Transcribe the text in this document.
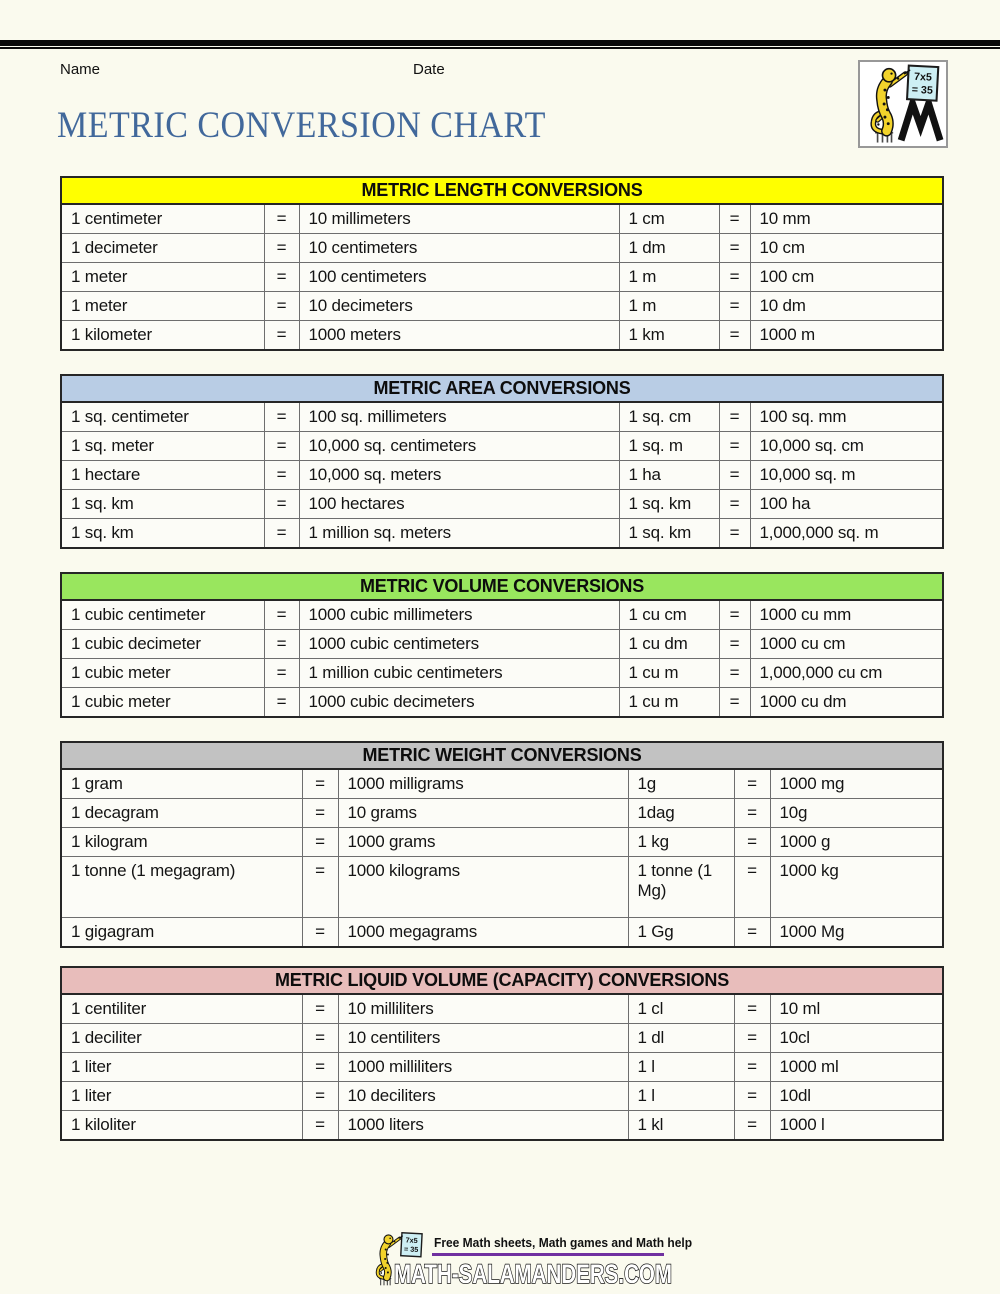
Name	Date
METRIC CONVERSION CHART
METRIC LENGTH CONVERSIONS
1 centimeter	=	10 millimeters	1 cm	=	10 mm
1 decimeter	=	10 centimeters	1 dm	=	10 cm
1 meter	=	100 centimeters	1 m	=	100 cm
1 meter	=	10 decimeters	1 m	=	10 dm
1 kilometer	=	1000 meters	1 km	=	1000 m
METRIC AREA CONVERSIONS
1 sq. centimeter	=	100 sq. millimeters	1 sq. cm	=	100 sq. mm
1 sq. meter	=	10,000 sq. centimeters	1 sq. m	=	10,000 sq. cm
1 hectare	=	10,000 sq. meters	1 ha	=	10,000 sq. m
1 sq. km	=	100 hectares	1 sq. km	=	100 ha
1 sq. km	=	1 million sq. meters	1 sq. km	=	1,000,000 sq. m
METRIC VOLUME CONVERSIONS
1 cubic centimeter	=	1000 cubic millimeters	1 cu cm	=	1000 cu mm
1 cubic decimeter	=	1000 cubic centimeters	1 cu dm	=	1000 cu cm
1 cubic meter	=	1 million cubic centimeters	1 cu m	=	1,000,000 cu cm
1 cubic meter	=	1000 cubic decimeters	1 cu m	=	1000 cu dm
METRIC WEIGHT CONVERSIONS
1 gram	=	1000 milligrams	1g	=	1000 mg
1 decagram	=	10 grams	1dag	=	10g
1 kilogram	=	1000 grams	1 kg	=	1000 g
1 tonne (1 megagram)	=	1000 kilograms	1 tonne (1 Mg)	=	1000 kg
1 gigagram	=	1000 megagrams	1 Gg	=	1000 Mg
METRIC LIQUID VOLUME (CAPACITY) CONVERSIONS
1 centiliter	=	10 milliliters	1 cl	=	10 ml
1 deciliter	=	10 centiliters	1 dl	=	10cl
1 liter	=	1000 milliliters	1 l	=	1000 ml
1 liter	=	10 deciliters	1 l	=	10dl
1 kiloliter	=	1000 liters	1 kl	=	1000 l
Free Math sheets, Math games and Math help
MATH-SALAMANDERS.COM
